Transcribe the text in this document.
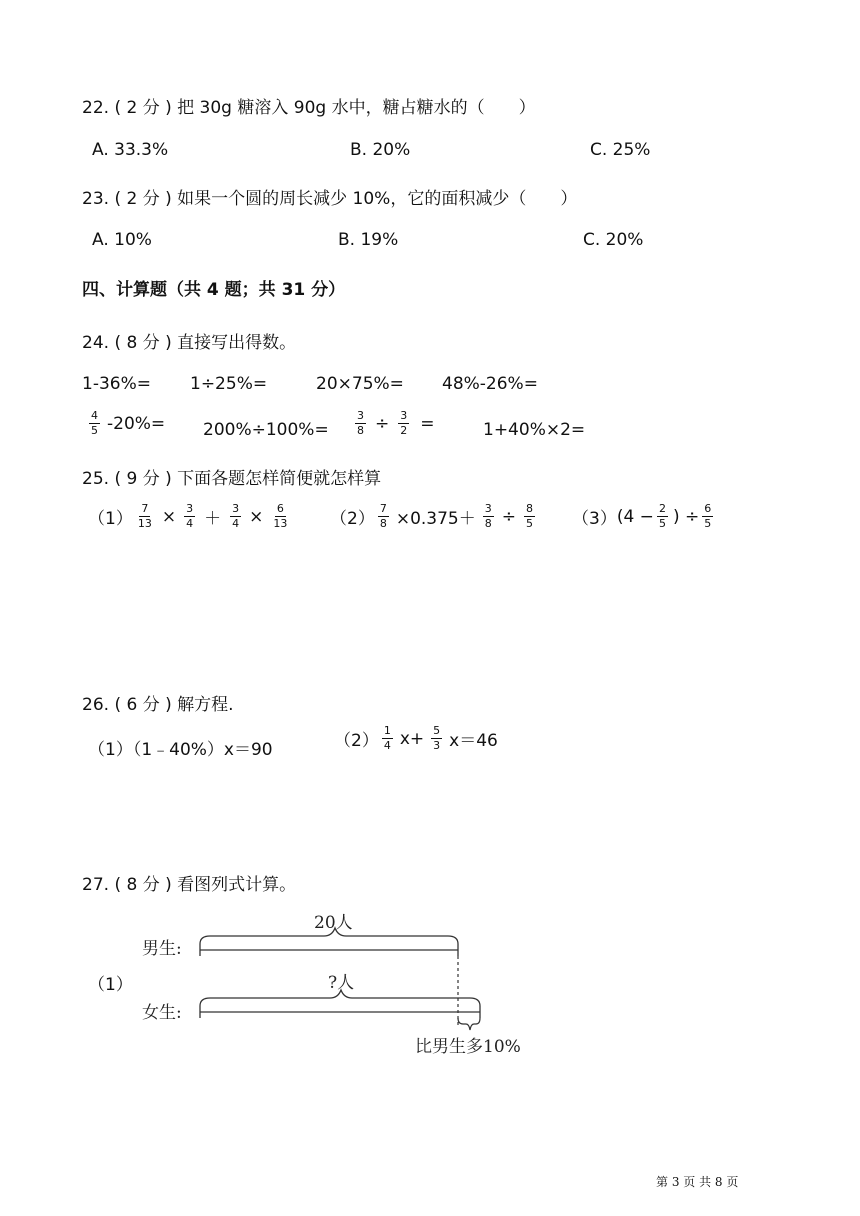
22. ( 2 分 ) 把 30g 糖溶入 90g 水中，糖占糖水的（　　）
A. 33.3%	B. 20%	C. 25%
23. ( 2 分 ) 如果一个圆的周长减少 10%，它的面积减少（　　）
A. 10%	B. 19%	C. 20%
四、计算题（共 4 题；共 31 分）
24. ( 8 分 ) 直接写出得数。
1-36%= 1÷25%=	20×75%= 48%-26%=
$\frac{4}{5} -20\%= 200\%\div 100\%= \frac{3}{8} \div \frac{3}{2}$ =	1+40%×2=
25. ( 9 分 ) 下面各题怎样简便就怎样算
$(1) \frac{7}{13} \times \frac{3}{4} + \frac{3}{4} \times \frac{6}{13} (2) \frac{7}{8} \times 0.375+ \frac{3}{8} \div \frac{8}{5} (3) (4 - \frac{2}{5}$ ) ÷ $\frac{6}{5}$
26. ( 6 分 ) 解方程.
（1）（1﹣40%）x＝90	$(2) \frac{1}{4} x+ \frac{5}{3} x=46$
27. ( 8 分 ) 看图列式计算。
（1）
20人
男生:
?人
女生:
比男生多10%
第 3 页 共 8 页
